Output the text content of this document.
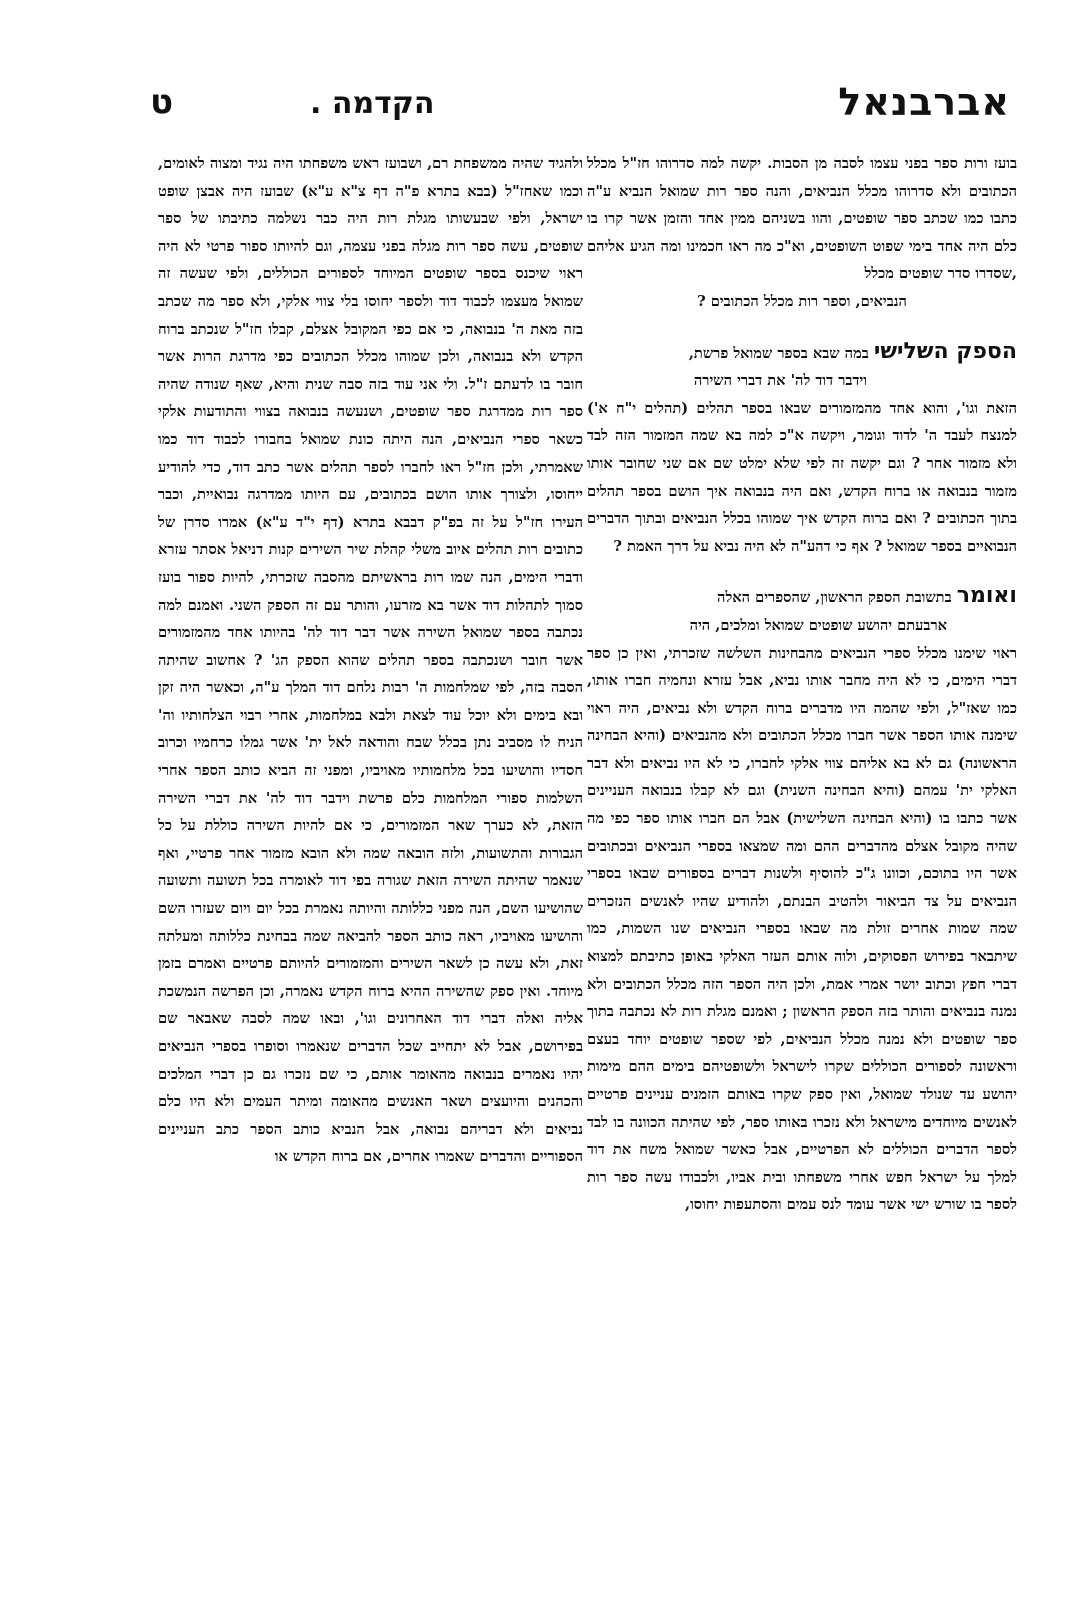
אברבנאל
הקדמה .
ט

בועז ורות ספר בפני עצמו לסבה מן הסבות. יקשה למה סדרוהו חז"ל מכלל הכתובים ולא סדרוהו מכלל הנביאים, והנה ספר רות שמואל הנביא ע"ה כתבו כמו שכתב ספר שופטים, והוו בשניהם ממין אחד והזמן אשר קרו בו כלם היה אחד בימי שפוט השופטים, וא"כ מה ראו חכמינו ומה הגיע אליהם ,שסדרו סדר שופטים מכלל

הנביאים, וספר רות מכלל הכתובים ?

הספק השלישי במה שבא בספר שמואל פרשת,

וידבר דוד לה' את דברי השירה

הזאת וגו', והוא אחד מהמזמורים שבאו בספר תהלים (תהלים י"ח א') למנצח לעבד ה' לדוד וגומר, ויקשה א"כ למה בא שמה המזמור הזה לבד ולא מזמור אחר ? וגם יקשה זה לפי שלא ימלט שם אם שני שחובר אותו מזמור בנבואה או ברוח הקדש, ואם היה בנבואה איך הושם בספר תהלים בתוך הכתובים ? ואם ברוח הקדש איך שמוהו בכלל הנביאים ובתוך הדברים הנבואיים בספר שמואל ? אף כי דהע"ה לא היה נביא על דרך האמת ?

ואומר בתשובת הספק הראשון, שהספרים האלה

ארבעתם יהושע שופטים שמואל ומלכים, היה

ראוי שימנו מכלל ספרי הנביאים מהבחינות השלשה שזכרתי, ואין כן ספר דברי הימים, כי לא היה מחבר אותו נביא, אבל עזרא ונחמיה חברו אותו, כמו שאז"ל, ולפי שהמה היו מדברים ברוח הקדש ולא נביאים, היה ראוי שימנה אותו הספר אשר חברו מכלל הכתובים ולא מהנביאים (והיא הבחינה הראשונה) גם לא בא אליהם צווי אלקי לחברו, כי לא היו נביאים ולא דבר האלקי ית' עמהם (והיא הבחינה השנית) וגם לא קבלו בנבואה העניינים אשר כתבו בו (והיא הבחינה השלישית) אבל הם חברו אותו ספר כפי מה שהיה מקובל אצלם מהדברים ההם ומה שמצאו בספרי הנביאים ובכתובים אשר היו בתוכם, וכוונו ג"כ להוסיף ולשנות דברים בספורים שבאו בספרי הנביאים על צד הביאור ולהטיב הבנתם, ולהודיע שהיו לאנשים הנזכרים שמה שמות אחרים זולת מה שבאו בספרי הנביאים שנו השמות, כמו שיתבאר בפירוש הפסוקים, ולוה אותם העזר האלקי באופן כתיבתם למצוא דברי חפץ וכתוב יושר אמרי אמת, ולכן היה הספר הזה מכלל הכתובים ולא נמנה בנביאים והותר בזה הספק הראשון ; ואמנם מגלת רות לא נכתבה בתוך ספר שופטים ולא נמנה מכלל הנביאים, לפי שספר שופטים יוחד בעצם וראשונה לספורים הכוללים שקרו לישראל ולשופטיהם בימים ההם מימות יהושע עד שנולד שמואל, ואין ספק שקרו באותם הזמנים עניינים פרטיים לאנשים מיוחדים מישראל ולא נזכרו באותו ספר, לפי שהיתה הכוונה בו לבד לספר הדברים הכוללים לא הפרטיים, אבל כאשר שמואל משח את דוד למלך על ישראל חפש אחרי משפחתו ובית אביו, ולכבודו עשה ספר רות לספר בו שורש ישי אשר עומד לנס עמים והסתעפות יחוסו,

ולהגיד שהיה ממשפחת רם, ושבועז ראש משפחתו היה נגיד ומצוה לאומים, וכמו שאחז"ל (בבא בתרא פ"ה דף צ"א ע"א) שבועז היה אבצן שופט ישראל, ולפי שבעשותו מגלת רות היה כבר נשלמה כתיבתו של ספר שופטים, עשה ספר רות מגלה בפני עצמה, וגם להיותו ספור פרטי לא היה ראוי שיכנס בספר שופטים המיוחד לספורים הכוללים, ולפי שעשה זה שמואל מעצמו לכבוד דוד ולספר יחוסו בלי צווי אלקי, ולא ספר מה שכתב בזה מאת ה' בנבואה, כי אם כפי המקובל אצלם, קבלו חז"ל שנכתב ברוח הקדש ולא בנבואה, ולכן שמוהו מכלל הכתובים כפי מדרגת הרות אשר חובר בו לדעתם ז"ל. ולי אני עוד בזה סבה שנית והיא, שאף שנודה שהיה ספר רות ממדרגת ספר שופטים, ושנעשה בנבואה בצווי והתודעות אלקי כשאר ספרי הנביאים, הנה היתה כונת שמואל בחבורו לכבוד דוד כמו שאמרתי, ולכן חז"ל ראו לחברו לספר תהלים אשר כתב דוד, כדי להודיע ייחוסו, ולצורך אותו הושם בכתובים, עם היותו ממדרגה נבואיית, וכבר העירו חז"ל על זה בפ"ק דבבא בתרא (דף י"ד ע"א) אמרו סדרן של כתובים רות תהלים איוב משלי קהלת שיר השירים קנות דניאל אסתר עזרא ודברי הימים, הנה שמו רות בראשיתם מהסבה שזכרתי, להיות ספור בועז סמוך לתהלות דוד אשר בא מזרעו, והותר עם זה הספק השני. ואמנם למה נכתבה בספר שמואל השירה אשר דבר דוד לה' בהיותו אחד מהמזמורים אשר חובר ושנכתבה בספר תהלים שהוא הספק הג' ? אחשוב שהיתה הסבה בזה, לפי שמלחמות ה' רבות נלחם דוד המלך ע"ה, וכאשר היה זקן ובא בימים ולא יוכל עוד לצאת ולבא במלחמות, אחרי רבוי הצלחותיו וה' הניח לו מסביב נתן בכלל שבח והודאה לאל ית' אשר גמלו כרחמיו וכרוב חסדיו והושיעו בכל מלחמותיו מאויביו, ומפני זה הביא כותב הספר אחרי השלמות ספורי המלחמות כלם פרשת וידבר דוד לה' את דברי השירה הזאת, לא כערך שאר המזמורים, כי אם להיות השירה כוללת על כל הגבורות והתשועות, ולזה הובאה שמה ולא הובא מזמור אחר פרטיי, ואף שנאמר שהיתה השירה הזאת שגורה בפי דוד לאומרה בכל תשועה ותשועה שהושיעו השם, הנה מפני כללותה והיותה נאמרת בכל יום ויום שעזרו השם והושיעו מאויביו, ראה כותב הספר להביאה שמה בבחינת כללותה ומעלתה זאת, ולא עשה כן לשאר השירים והמזמורים להיותם פרטיים ואמרם בזמן מיוחד. ואין ספק שהשירה ההיא ברוח הקדש נאמרה, וכן הפרשה הנמשכת אליה ואלה דברי דוד האחרונים וגו', ובאו שמה לסבה שאבאר שם בפירושם, אבל לא יתחייב שכל הדברים שנאמרו וסופרו בספרי הנביאים יהיו נאמרים בנבואה מהאומר אותם, כי שם נזכרו גם כן דברי המלכים והכהנים והיועצים ושאר האנשים מהאומה ומיתר העמים ולא היו כלם נביאים ולא דבריהם נבואה, אבל הנביא כותב הספר כתב העניינים הספוריים והדברים שאמרו אחרים, אם ברוח הקדש או
